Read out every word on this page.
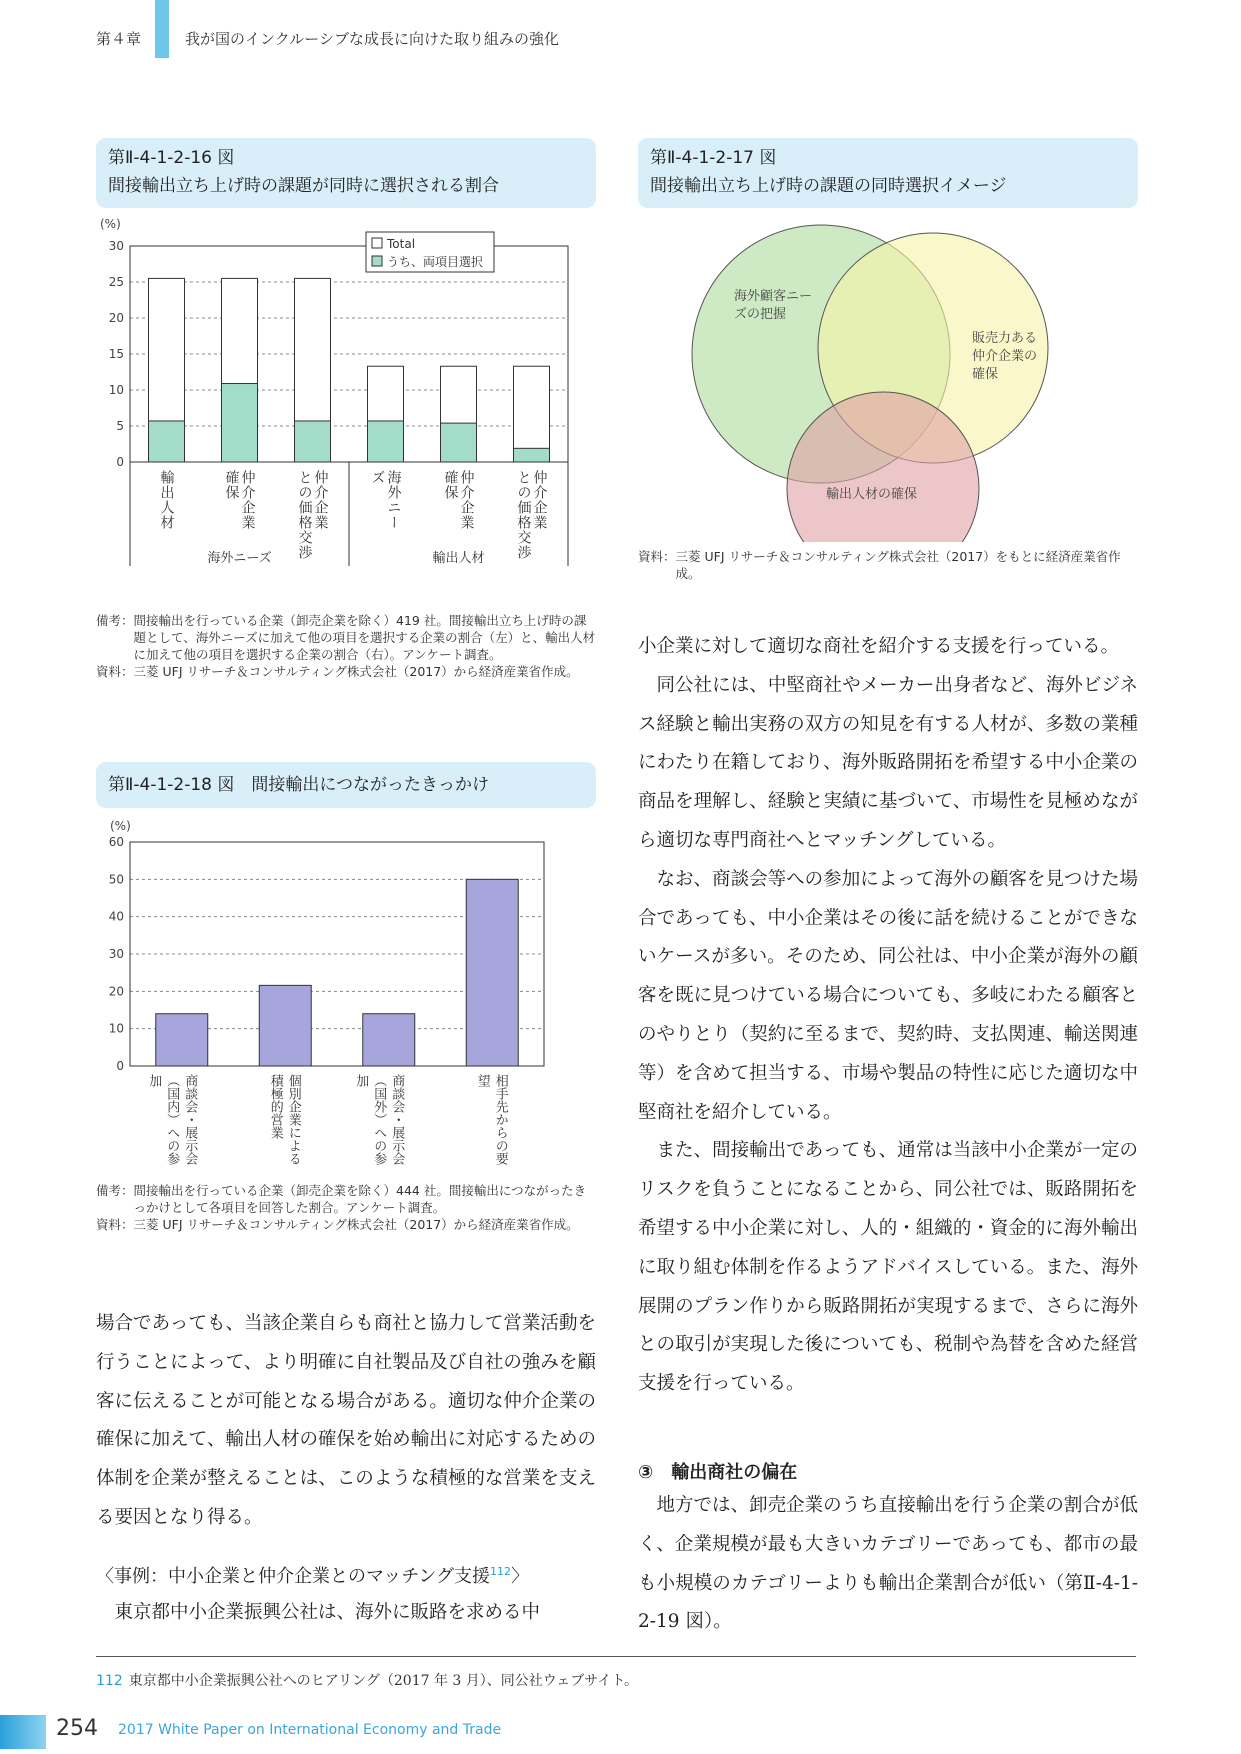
第４章	我が国のインクルーシブな成長に向けた取り組みの強化
第Ⅱ-4-1-2-16 図
間接輸出立ち上げ時の課題が同時に選択される割合
(%)
0
5
10
15
20
25
30
輸出人材	仲介企業
確保	仲介企業
との価格交渉	海外ニー
ズ	仲介企業
確保	仲介企業
との価格交渉
海外ニーズ	輸出人材
Total
うち、両項目選択
備考： 間接輸出を行っている企業（卸売企業を除く）419 社。間接輸出立ち上げ時の課題として、海外ニーズに加えて他の項目を選択する企業の割合（左）と、輸出人材に加えて他の項目を選択する企業の割合（右）。アンケート調査。
資料： 三菱 UFJ リサーチ＆コンサルティング株式会社（2017）から経済産業省作成。
第Ⅱ-4-1-2-17 図
間接輸出立ち上げ時の課題の同時選択イメージ
海外顧客ニー
ズの把握
販売力ある
仲介企業の
確保
輸出人材の確保
資料： 三菱 UFJ リサーチ＆コンサルティング株式会社（2017）をもとに経済産業省作成。
第Ⅱ-4-1-2-18 図　間接輸出につながったきっかけ
(%)
0
10
20
30
40
50
60
商談会・展示会
（国内）への参
加	個別企業による
積極的営業	商談会・展示会
（国外）への参
加	相手先からの要
望
備考： 間接輸出を行っている企業（卸売企業を除く）444 社。間接輸出につながったきっかけとして各項目を回答した割合。アンケート調査。
資料： 三菱 UFJ リサーチ＆コンサルティング株式会社（2017）から経済産業省作成。

場合であっても、当該企業自らも商社と協力して営業活動を行うことによって、より明確に自社製品及び自社の強みを顧客に伝えることが可能となる場合がある。適切な仲介企業の確保に加えて、輸出人材の確保を始め輸出に対応するための体制を企業が整えることは、このような積極的な営業を支える要因となり得る。

〈事例：中小企業と仲介企業とのマッチング支援$^{112}$〉

東京都中小企業振興公社は、海外に販路を求める中

小企業に対して適切な商社を紹介する支援を行っている。

同公社には、中堅商社やメーカー出身者など、海外ビジネス経験と輸出実務の双方の知見を有する人材が、多数の業種にわたり在籍しており、海外販路開拓を希望する中小企業の商品を理解し、経験と実績に基づいて、市場性を見極めながら適切な専門商社へとマッチングしている。

なお、商談会等への参加によって海外の顧客を見つけた場合であっても、中小企業はその後に話を続けることができないケースが多い。そのため、同公社は、中小企業が海外の顧客を既に見つけている場合についても、多岐にわたる顧客とのやりとり（契約に至るまで、契約時、支払関連、輸送関連等）を含めて担当する、市場や製品の特性に応じた適切な中堅商社を紹介している。

また、間接輸出であっても、通常は当該中小企業が一定のリスクを負うことになることから、同公社では、販路開拓を希望する中小企業に対し、人的・組織的・資金的に海外輸出に取り組む体制を作るようアドバイスしている。また、海外展開のプラン作りから販路開拓が実現するまで、さらに海外との取引が実現した後についても、税制や為替を含めた経営支援を行っている。

③　輸出商社の偏在

地方では、卸売企業のうち直接輸出を行う企業の割合が低く、企業規模が最も大きいカテゴリーであっても、都市の最も小規模のカテゴリーよりも輸出企業割合が低い（第Ⅱ-4-1-2-19 図）。

112 東京都中小企業振興公社へのヒアリング（2017 年 3 月）、同公社ウェブサイト。
254 2017 White Paper on International Economy and Trade
